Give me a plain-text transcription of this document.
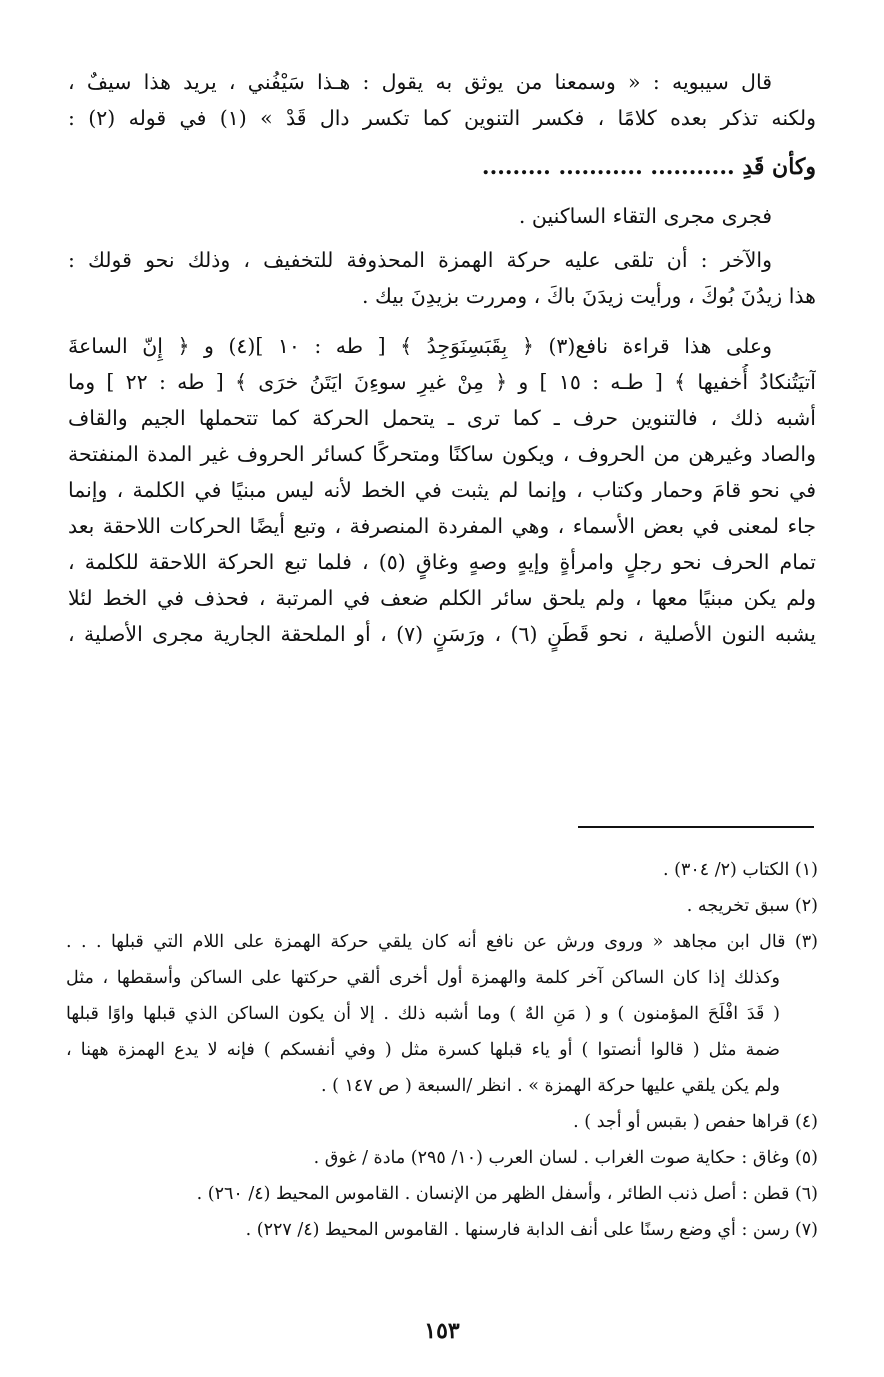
قال سيبويه : « وسمعنا من يوثق به يقول : هـذا سَيْفُني ، يريد هذا سيفٌ ،
ولكنه تذكر بعده كلامًا ، فكسر التنوين كما تكسر دال قَدْ » (١) في قوله (٢) :
وكأن قَدِ ........... ........... .........
فجرى مجرى التقاء الساكنين .
والآخر : أن تلقى عليه حركة الهمزة المحذوفة للتخفيف ، وذلك نحو قولك :
هذا زيدُنَ بُوكَ ، ورأيت زيدَنَ باكَ ، ومررت بزيدِنَ بيك .
وعلى هذا قراءة نافع(٣) ﴿ بِقَبَسِنَوَجِدُ ﴾ [ طه : ١٠ ](٤) و ﴿ إِنّ الساعةَ
آتيَتُنكادُ أُخفيها ﴾ [ طـه : ١٥ ] و ﴿ مِنْ غيرِ سوءِنَ ايَتَنُ خرَى ﴾ [ طه : ٢٢ ] وما
أشبه ذلك ، فالتنوين حرف ـ كما ترى ـ يتحمل الحركة كما تتحملها الجيم والقاف
والصاد وغيرهن من الحروف ، ويكون ساكنًا ومتحركًا كسائر الحروف غير المدة المنفتحة
في نحو قامَ وحمار وكتاب ، وإنما لم يثبت في الخط لأنه ليس مبنيًا في الكلمة ، وإنما
جاء لمعنى في بعض الأسماء ، وهي المفردة المنصرفة ، وتبع أيضًا الحركات اللاحقة بعد
تمام الحرف نحو رجلٍ وامرأةٍ وإيهٍ وصهٍ وغاقٍ (٥) ، فلما تبع الحركة اللاحقة للكلمة ،
ولم يكن مبنيًا معها ، ولم يلحق سائر الكلم ضعف في المرتبة ، فحذف في الخط لئلا
يشبه النون الأصلية ، نحو قَطَنٍ (٦) ، ورَسَنٍ (٧) ، أو الملحقة الجارية مجرى الأصلية ،
(١) الكتاب (٢/ ٣٠٤) .
(٢) سبق تخريجه .
(٣) قال ابن مجاهد « وروى ورش عن نافع أنه كان يلقي حركة الهمزة على اللام التي قبلها . . .
وكذلك إذا كان الساكن آخر كلمة والهمزة أول أخرى ألقي حركتها على الساكن وأسقطها ، مثل
( قَدَ افْلَحَ المؤمنون ) و ( مَنِ الهٌ ) وما أشبه ذلك . إلا أن يكون الساكن الذي قبلها واوًا قبلها
ضمة مثل ( قالوا أنصتوا ) أو ياء قبلها كسرة مثل ( وفي أنفسكم ) فإنه لا يدع الهمزة ههنا ،
ولم يكن يلقي عليها حركة الهمزة » . انظر /السبعة ( ص ١٤٧ ) .
(٤) قراها حفص ( بقبس أو أجد ) .
(٥) وغاق : حكاية صوت الغراب . لسان العرب (١٠/ ٢٩٥) مادة / غوق .
(٦) قطن : أصل ذنب الطائر ، وأسفل الظهر من الإنسان . القاموس المحيط (٤/ ٢٦٠) .
(٧) رسن : أي وضع رسنًا على أنف الدابة فارسنها . القاموس المحيط (٤/ ٢٢٧) .
١٥٣
